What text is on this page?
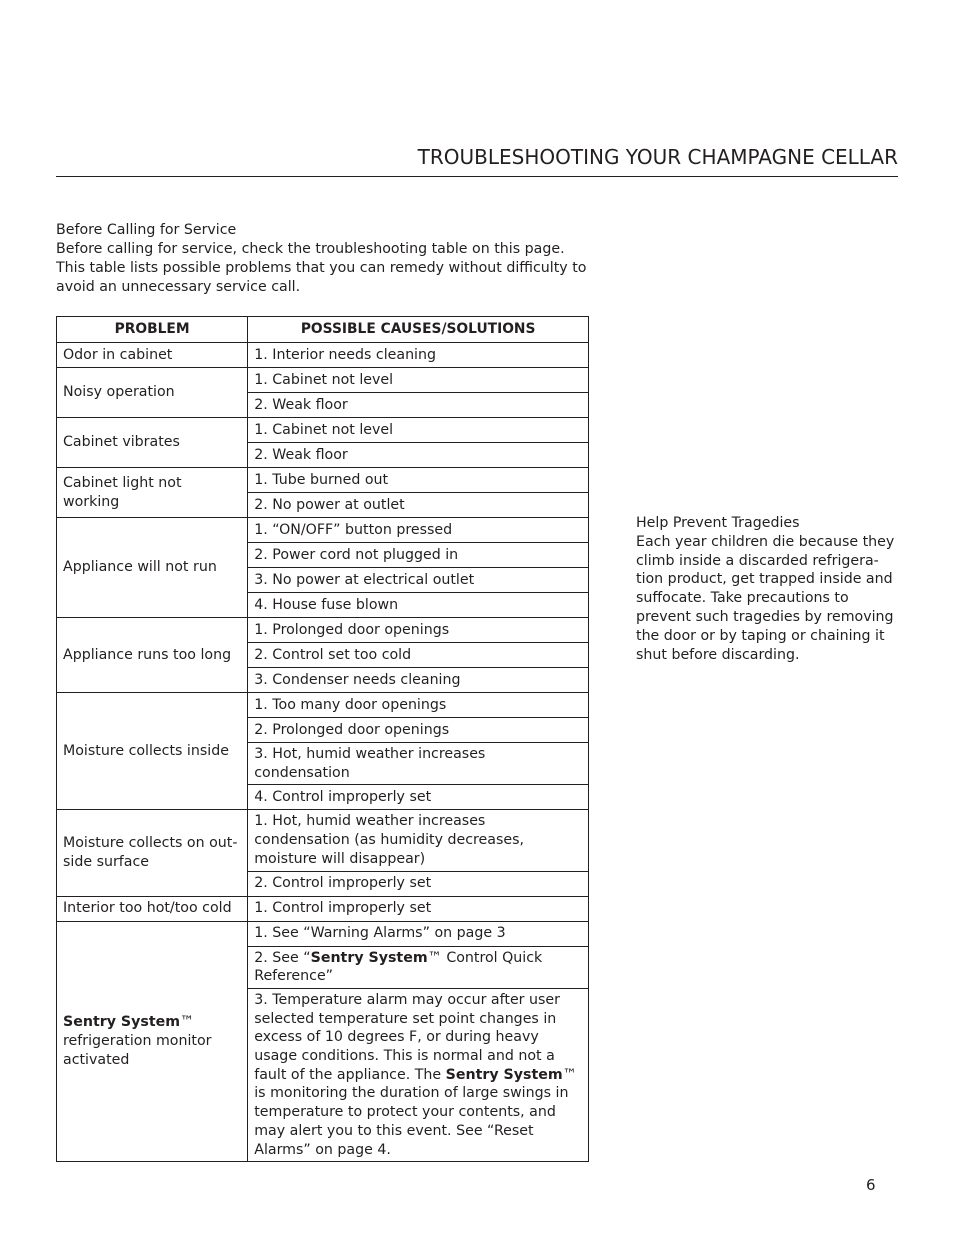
TROUBLESHOOTING YOUR CHAMPAGNE CELLAR
Before Calling for Service
Before calling for service, check the troubleshooting table on this page. This table lists possible problems that you can remedy without difficulty to avoid an unnecessary service call.
PROBLEM	POSSIBLE CAUSES/SOLUTIONS
Odor in cabinet	1. Interior needs cleaning
Noisy operation	1. Cabinet not level
	2. Weak floor
Cabinet vibrates	1. Cabinet not level
	2. Weak floor
Cabinet light not working	1. Tube burned out
	2. No power at outlet
Appliance will not run	1. “ON/OFF” button pressed
	2. Power cord not plugged in
	3. No power at electrical outlet
	4. House fuse blown
Appliance runs too long	1. Prolonged door openings
	2. Control set too cold
	3. Condenser needs cleaning
Moisture collects inside	1. Too many door openings
	2. Prolonged door openings
	3. Hot, humid weather increases condensation
	4. Control improperly set
Moisture collects on out-side surface	1. Hot, humid weather increases condensation (as humidity decreases, moisture will disappear)
	2. Control improperly set
Interior too hot/too cold	1. Control improperly set
Sentry System™
refrigeration monitor activated	1. See “Warning Alarms” on page 3
	2. See “Sentry System™ Control Quick Reference”
	3. Temperature alarm may occur after user selected temperature set point changes in excess of 10 degrees F, or during heavy usage conditions. This is normal and not a fault of the appliance. The Sentry System™ is monitoring the duration of large swings in temperature to protect your contents, and may alert you to this event. See “Reset Alarms” on page 4.
Help Prevent Tragedies
Each year children die because they climb inside a discarded refrigera-tion product, get trapped inside and suffocate. Take precautions to prevent such tragedies by removing the door or by taping or chaining it shut before discarding.
6
